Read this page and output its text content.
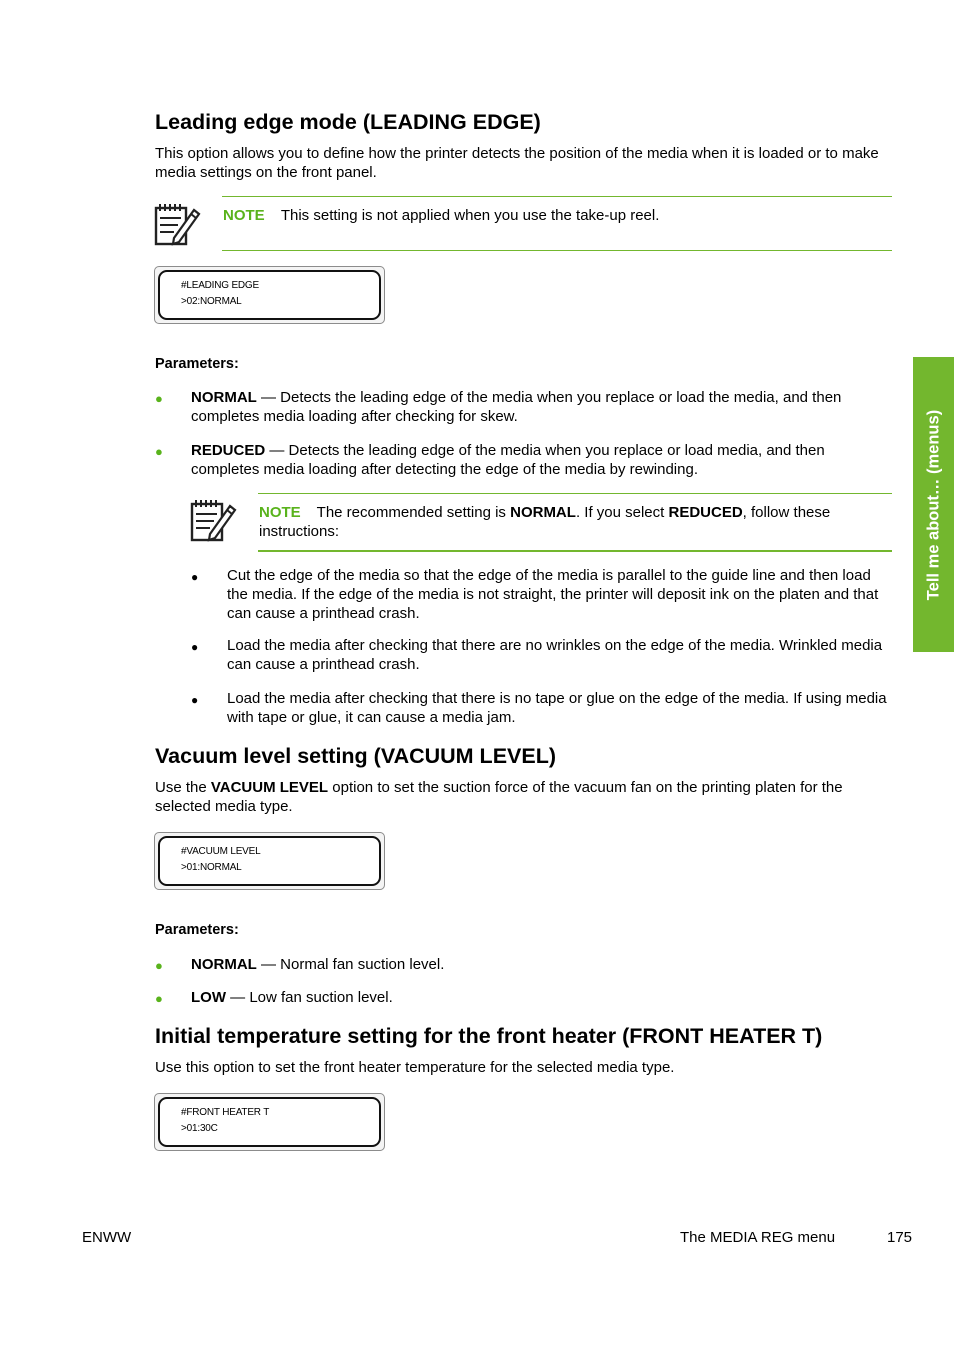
Leading edge mode (LEADING EDGE)
This option allows you to define how the printer detects the position of the media when it is loaded or to make media settings on the front panel.
NOTE This setting is not applied when you use the take-up reel.
#LEADING EDGE
>02:NORMAL
Parameters:
● NORMAL — Detects the leading edge of the media when you replace or load the media, and then completes media loading after checking for skew.
● REDUCED — Detects the leading edge of the media when you replace or load media, and then completes media loading after detecting the edge of the media by rewinding.
NOTE The recommended setting is NORMAL. If you select REDUCED, follow these instructions:
● Cut the edge of the media so that the edge of the media is parallel to the guide line and then load the media. If the edge of the media is not straight, the printer will deposit ink on the platen and that can cause a printhead crash.
● Load the media after checking that there are no wrinkles on the edge of the media. Wrinkled media can cause a printhead crash.
● Load the media after checking that there is no tape or glue on the edge of the media. If using media with tape or glue, it can cause a media jam.
Vacuum level setting (VACUUM LEVEL)
Use the VACUUM LEVEL option to set the suction force of the vacuum fan on the printing platen for the selected media type.
#VACUUM LEVEL
>01:NORMAL
Parameters:
● NORMAL — Normal fan suction level.
● LOW — Low fan suction level.
Initial temperature setting for the front heater (FRONT HEATER T)
Use this option to set the front heater temperature for the selected media type.
#FRONT HEATER T
>01:30C
Tell me about… (menus)
ENWW	The MEDIA REG menu	175
